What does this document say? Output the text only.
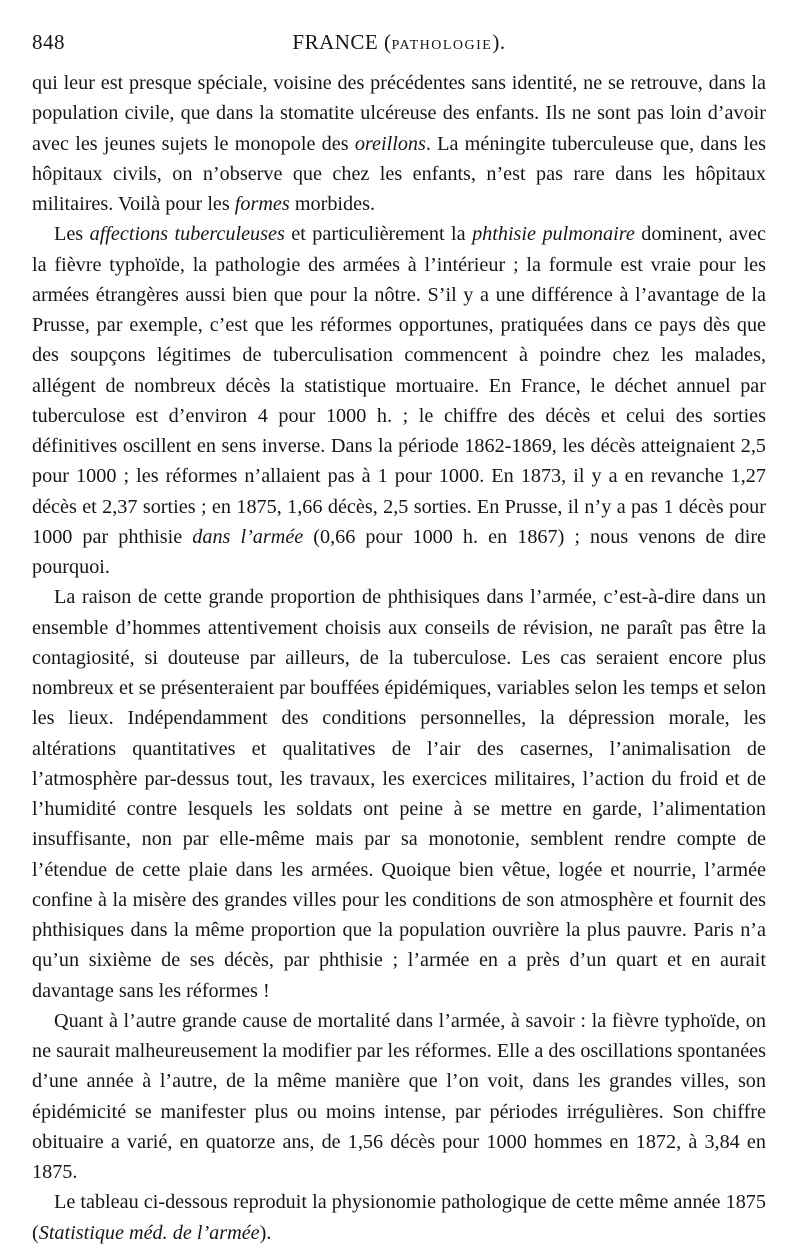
848	FRANCE (PATHOLOGIE).

qui leur est presque spéciale, voisine des précédentes sans identité, ne se retrouve, dans la population civile, que dans la stomatite ulcéreuse des enfants. Ils ne sont pas loin d’avoir avec les jeunes sujets le monopole des oreillons. La méningite tuberculeuse que, dans les hôpitaux civils, on n’observe que chez les enfants, n’est pas rare dans les hôpitaux militaires. Voilà pour les formes morbides.

Les affections tuberculeuses et particulièrement la phthisie pulmonaire dominent, avec la fièvre typhoïde, la pathologie des armées à l’intérieur ; la formule est vraie pour les armées étrangères aussi bien que pour la nôtre. S’il y a une différence à l’avantage de la Prusse, par exemple, c’est que les réformes opportunes, pratiquées dans ce pays dès que des soupçons légitimes de tuberculisation commencent à poindre chez les malades, allégent de nombreux décès la statistique mortuaire. En France, le déchet annuel par tuberculose est d’environ 4 pour 1000 h. ; le chiffre des décès et celui des sorties définitives oscillent en sens inverse. Dans la période 1862-1869, les décès atteignaient 2,5 pour 1000 ; les réformes n’allaient pas à 1 pour 1000. En 1873, il y a en revanche 1,27 décès et 2,37 sorties ; en 1875, 1,66 décès, 2,5 sorties. En Prusse, il n’y a pas 1 décès pour 1000 par phthisie dans l’armée (0,66 pour 1000 h. en 1867) ; nous venons de dire pourquoi.

La raison de cette grande proportion de phthisiques dans l’armée, c’est-à-dire dans un ensemble d’hommes attentivement choisis aux conseils de révision, ne paraît pas être la contagiosité, si douteuse par ailleurs, de la tuberculose. Les cas seraient encore plus nombreux et se présenteraient par bouffées épidémiques, variables selon les temps et selon les lieux. Indépendamment des conditions personnelles, la dépression morale, les altérations quantitatives et qualitatives de l’air des casernes, l’animalisation de l’atmosphère par-dessus tout, les travaux, les exercices militaires, l’action du froid et de l’humidité contre lesquels les soldats ont peine à se mettre en garde, l’alimentation insuffisante, non par elle-même mais par sa monotonie, semblent rendre compte de l’étendue de cette plaie dans les armées. Quoique bien vêtue, logée et nourrie, l’armée confine à la misère des grandes villes pour les conditions de son atmosphère et fournit des phthisiques dans la même proportion que la population ouvrière la plus pauvre. Paris n’a qu’un sixième de ses décès, par phthisie ; l’armée en a près d’un quart et en aurait davantage sans les réformes !

Quant à l’autre grande cause de mortalité dans l’armée, à savoir : la fièvre typhoïde, on ne saurait malheureusement la modifier par les réformes. Elle a des oscillations spontanées d’une année à l’autre, de la même manière que l’on voit, dans les grandes villes, son épidémicité se manifester plus ou moins intense, par périodes irrégulières. Son chiffre obituaire a varié, en quatorze ans, de 1,56 décès pour 1000 hommes en 1872, à 3,84 en 1875.

Le tableau ci-dessous reproduit la physionomie pathologique de cette même année 1875 (Statistique méd. de l’armée).
